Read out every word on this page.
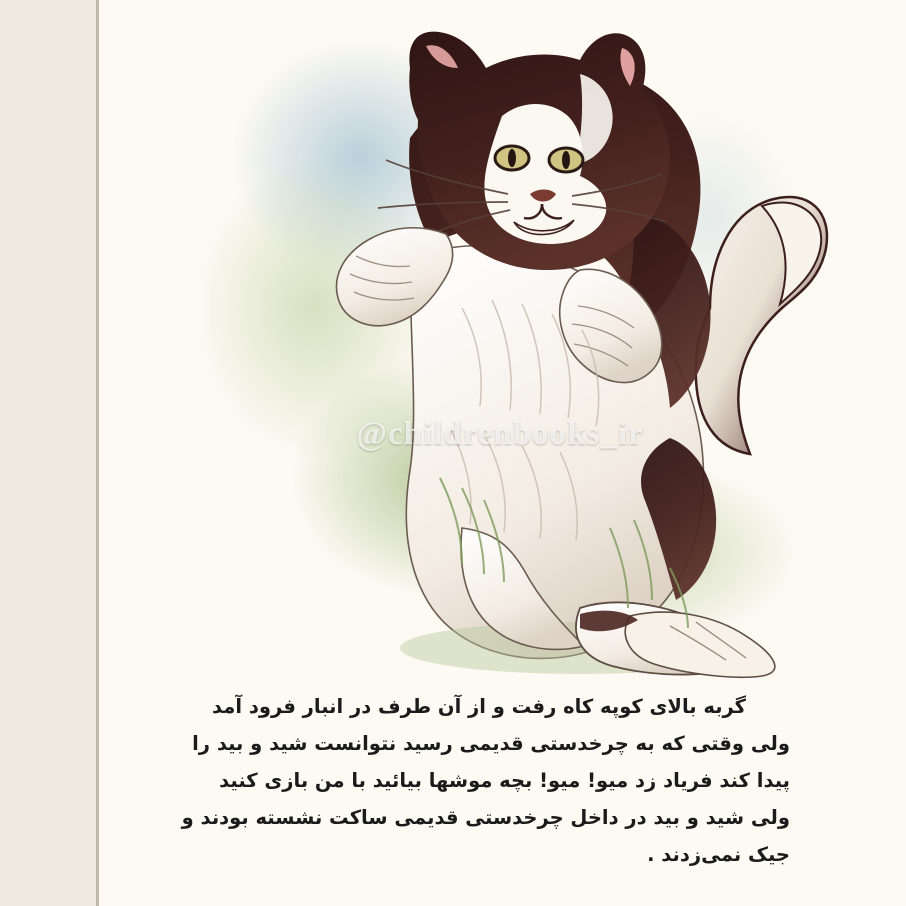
@childrenbooks_ir

گربه بالای کوپه کاه رفت و از آن طرف در انبار فرود آمد

ولی وقتی که به چرخدستی قدیمی رسید نتوانست شید و بید را

پیدا کند فریاد زد میو! میو! بچه موشها بیائید با من بازی کنید

ولی شید و بید در داخل چرخدستی قدیمی ساکت نشسته بودند و

جیک نمی‌زدند .
